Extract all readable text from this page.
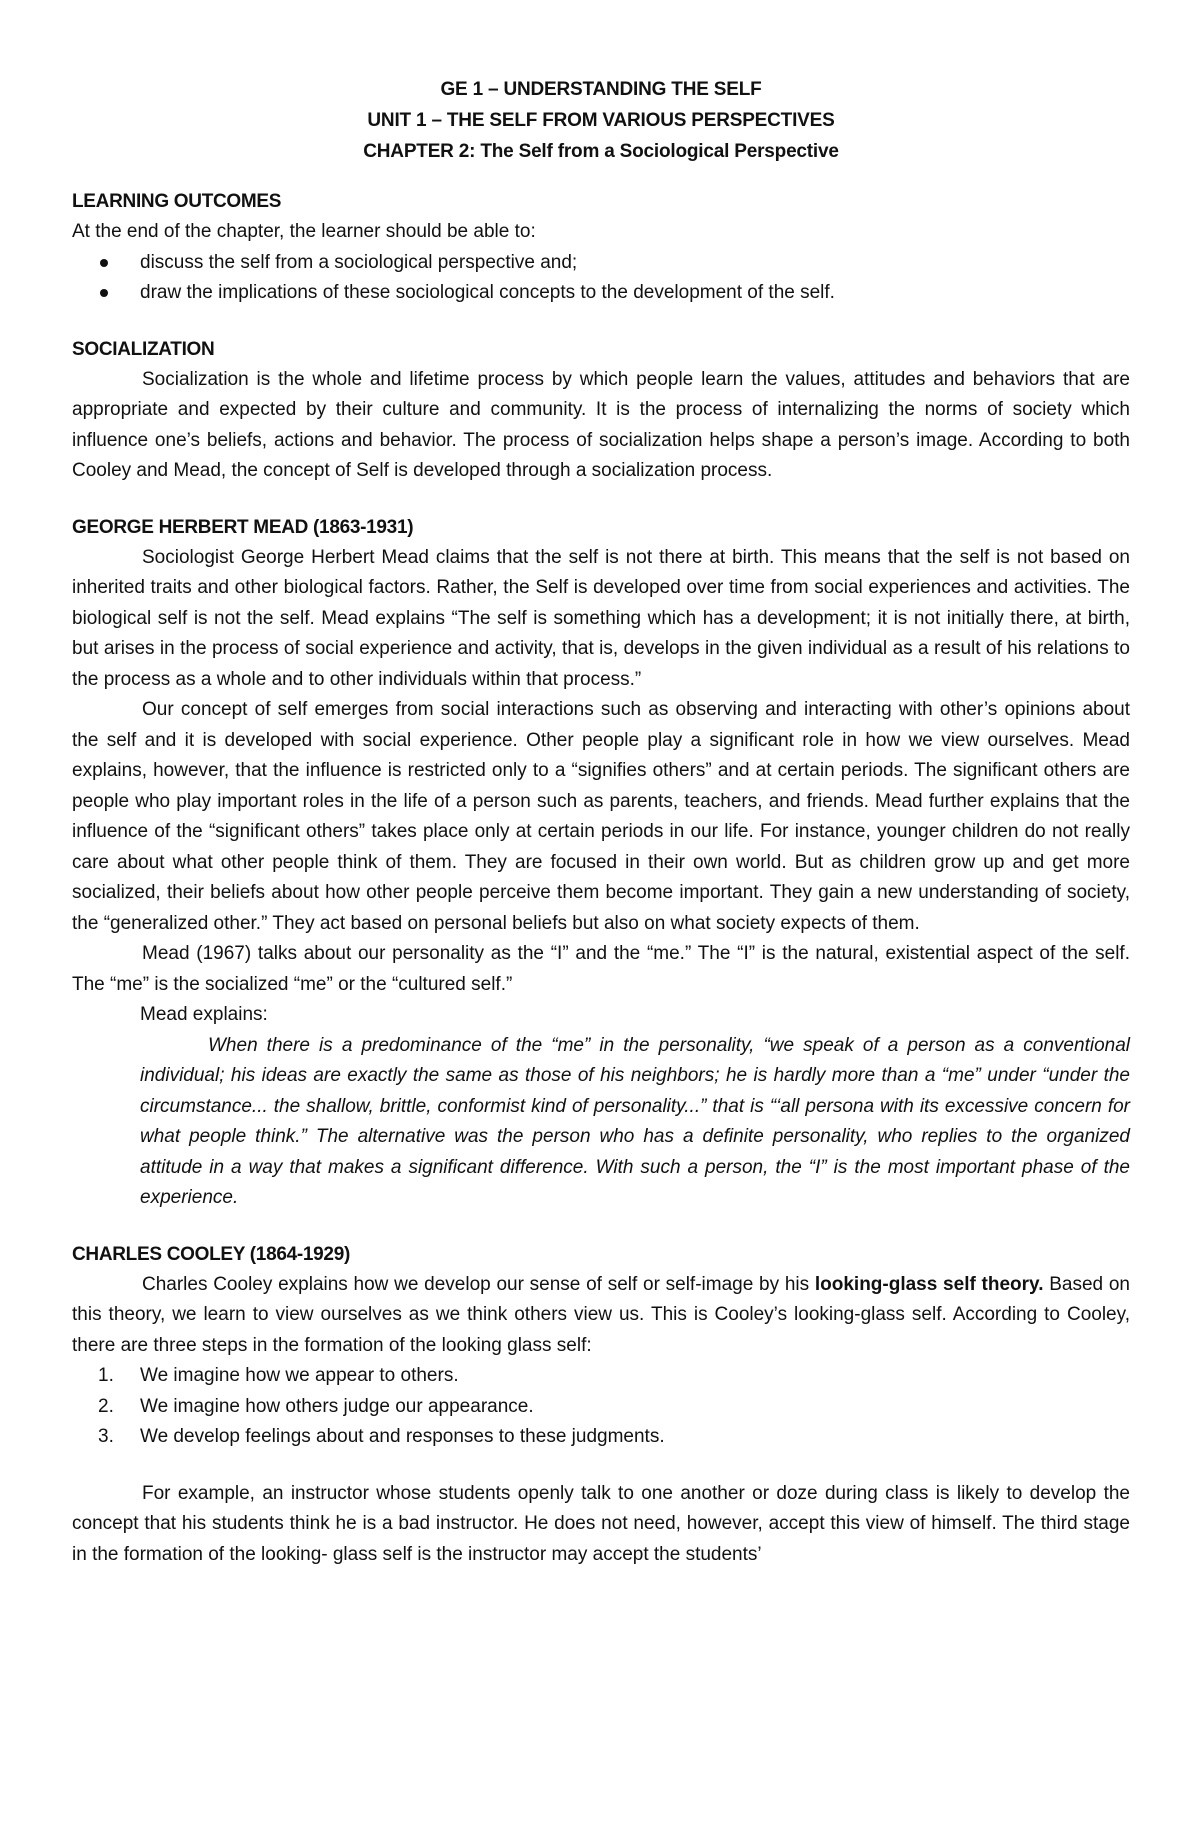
GE 1 – UNDERSTANDING THE SELF
UNIT 1 – THE SELF FROM VARIOUS PERSPECTIVES
CHAPTER 2: The Self from a Sociological Perspective

LEARNING OUTCOMES

At the end of the chapter, the learner should be able to:

discuss the self from a sociological perspective and;
draw the implications of these sociological concepts to the development of the self.

SOCIALIZATION

Socialization is the whole and lifetime process by which people learn the values, attitudes and behaviors that are appropriate and expected by their culture and community. It is the process of internalizing the norms of society which influence one’s beliefs, actions and behavior. The process of socialization helps shape a person’s image. According to both Cooley and Mead, the concept of Self is developed through a socialization process.

GEORGE HERBERT MEAD (1863-1931)

Sociologist George Herbert Mead claims that the self is not there at birth. This means that the self is not based on inherited traits and other biological factors. Rather, the Self is developed over time from social experiences and activities. The biological self is not the self. Mead explains “The self is something which has a development; it is not initially there, at birth, but arises in the process of social experience and activity, that is, develops in the given individual as a result of his relations to the process as a whole and to other individuals within that process.”

Our concept of self emerges from social interactions such as observing and interacting with other’s opinions about the self and it is developed with social experience. Other people play a significant role in how we view ourselves. Mead explains, however, that the influence is restricted only to a “signifies others” and at certain periods. The significant others are people who play important roles in the life of a person such as parents, teachers, and friends. Mead further explains that the influence of the “significant others” takes place only at certain periods in our life. For instance, younger children do not really care about what other people think of them. They are focused in their own world. But as children grow up and get more socialized, their beliefs about how other people perceive them become important. They gain a new understanding of society, the “generalized other.” They act based on personal beliefs but also on what society expects of them.

Mead (1967) talks about our personality as the “I” and the “me.” The “I” is the natural, existential aspect of the self. The “me” is the socialized “me” or the “cultured self.”

Mead explains:

When there is a predominance of the “me” in the personality, “we speak of a person as a conventional individual; his ideas are exactly the same as those of his neighbors; he is hardly more than a “me” under “under the circumstance... the shallow, brittle, conformist kind of personality...” that is “‘all persona with its excessive concern for what people think.” The alternative was the person who has a definite personality, who replies to the organized attitude in a way that makes a significant difference. With such a person, the “I” is the most important phase of the experience.

CHARLES COOLEY (1864-1929)

Charles Cooley explains how we develop our sense of self or self-image by his looking-glass self theory. Based on this theory, we learn to view ourselves as we think others view us. This is Cooley’s looking-glass self. According to Cooley, there are three steps in the formation of the looking glass self:

1. We imagine how we appear to others.
2. We imagine how others judge our appearance.
3. We develop feelings about and responses to these judgments.

For example, an instructor whose students openly talk to one another or doze during class is likely to develop the concept that his students think he is a bad instructor. He does not need, however, accept this view of himself. The third stage in the formation of the looking- glass self is the instructor may accept the students’
